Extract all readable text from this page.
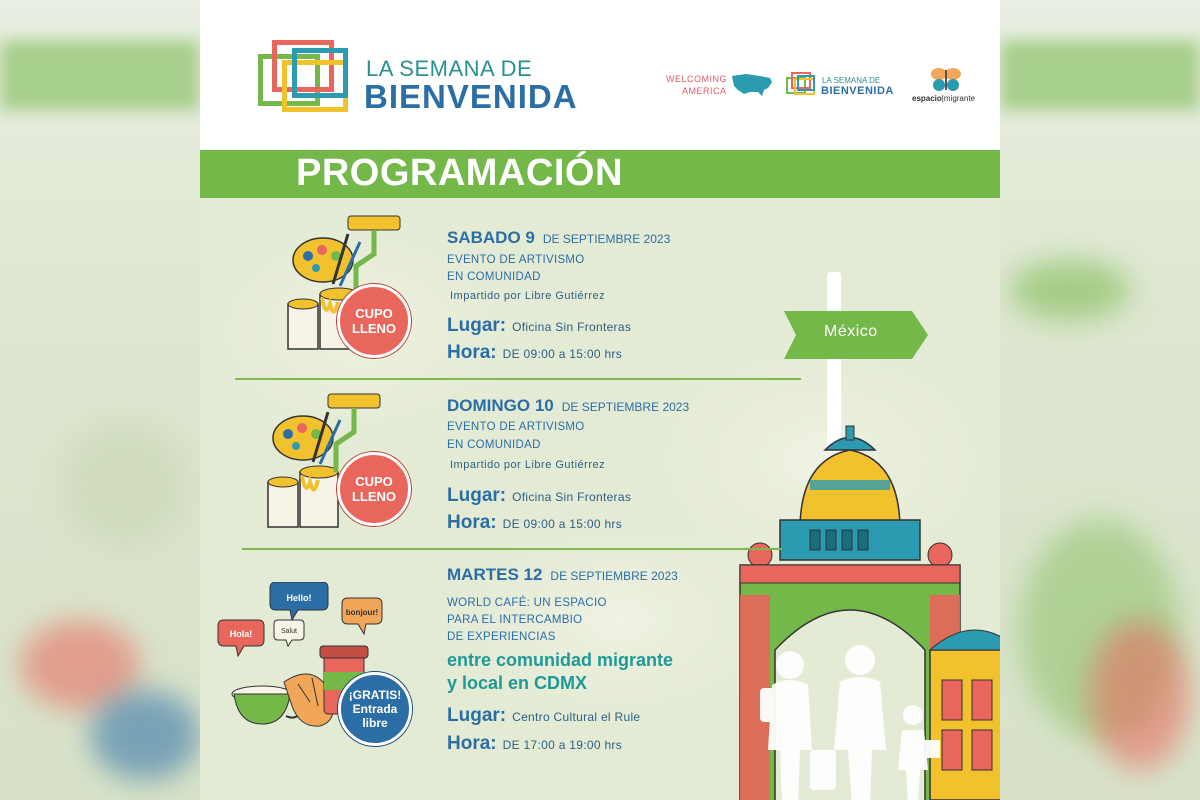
LA SEMANA DE
BIENVENIDA	WELCOMING
AMERICA
LA SEMANA DE
BIENVENIDA
espacio|migrante
PROGRAMACIÓN
México
CUPO
LLENO
SABADO 9 DE SEPTIEMBRE 2023
EVENTO DE ARTIVISMO
EN COMUNIDAD
Impartido por Libre Gutiérrez
Lugar: Oficina Sin Fronteras
Hora: DE 09:00 a 15:00 hrs
CUPO
LLENO
DOMINGO 10 DE SEPTIEMBRE 2023
EVENTO DE ARTIVISMO
EN COMUNIDAD
Impartido por Libre Gutiérrez
Lugar: Oficina Sin Fronteras
Hora: DE 09:00 a 15:00 hrs
Hello!
Hola!	Salut
bonjour!
¡GRATIS!
Entrada
libre
MARTES 12 DE SEPTIEMBRE 2023
WORLD CAFÉ: UN ESPACIO
PARA EL INTERCAMBIO
DE EXPERIENCIAS
entre comunidad migrante
y local en CDMX
Lugar: Centro Cultural el Rule
Hora: DE 17:00 a 19:00 hrs
